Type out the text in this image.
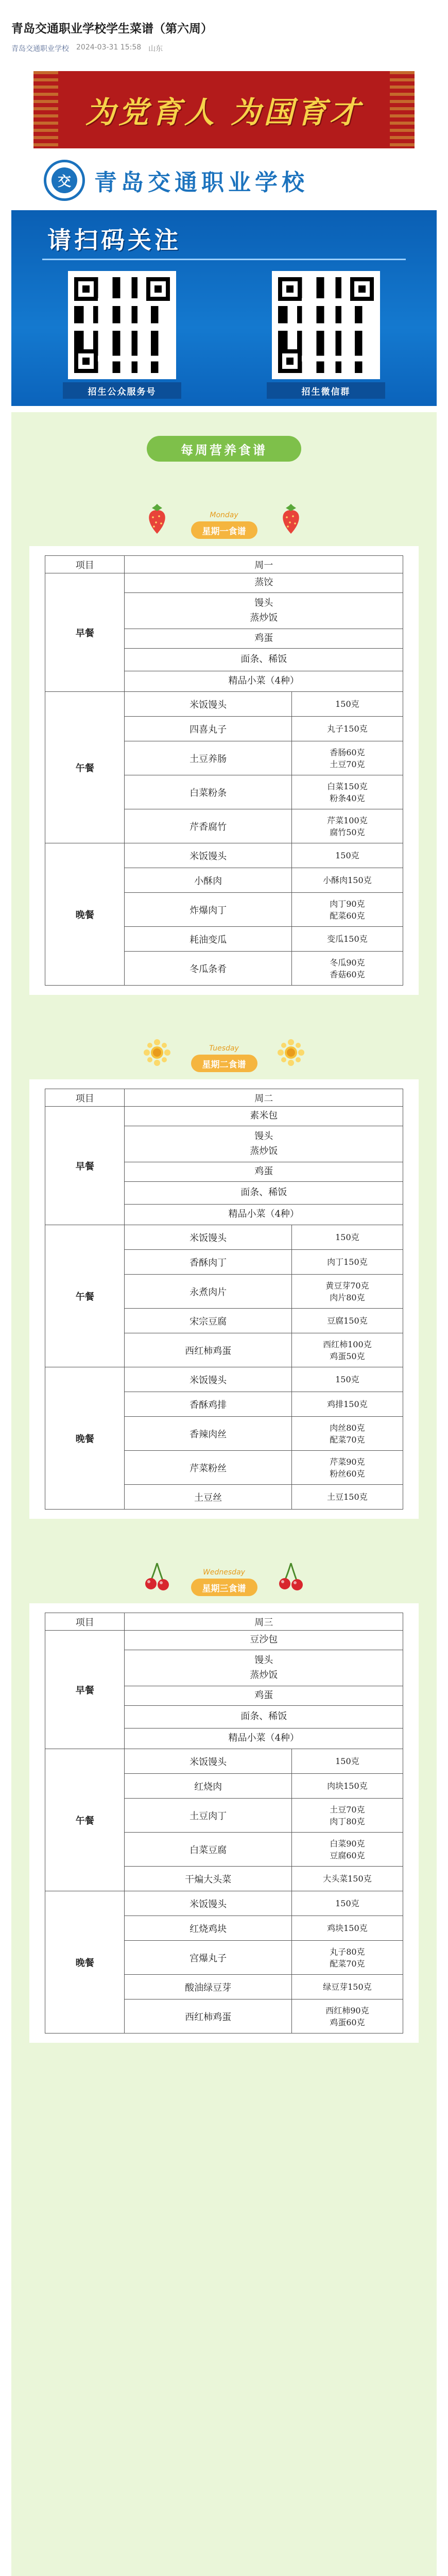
青岛交通职业学校学生菜谱（第六周）
青岛交通职业学校 2024-03-31 15:58 山东
为党育人 为国育才
交 青岛交通职业学校
请扫码关注
招生公众服务号	招生微信群
每周营养食谱
Monday
星期一食谱
项目	周一	
早餐	蒸饺	
	馒头
蒸炒饭	
	鸡蛋	
	面条、稀饭	
	精品小菜（4种）	
午餐	米饭馒头	150克
	四喜丸子	丸子150克
	土豆养肠	香肠60克
土豆70克
	白菜粉条	白菜150克
粉条40克
	芹香腐竹	芹菜100克
腐竹50克
晚餐	米饭馒头	150克
	小酥肉	小酥肉150克
	炸爆肉丁	肉丁90克
配菜60克
	耗油变瓜	变瓜150克
	冬瓜条肴	冬瓜90克
香菇60克
Tuesday
星期二食谱
项目	周二	
早餐	素米包	
	馒头
蒸炒饭	
	鸡蛋	
	面条、稀饭	
	精品小菜（4种）	
午餐	米饭馒头	150克
	香酥肉丁	肉丁150克
	永煮肉片	黄豆芽70克
肉片80克
	宋宗豆腐	豆腐150克
	西红柿鸡蛋	西红柿100克
鸡蛋50克
晚餐	米饭馒头	150克
	香酥鸡排	鸡排150克
	香辣肉丝	肉丝80克
配菜70克
	芹菜粉丝	芹菜90克
粉丝60克
	土豆丝	土豆150克
Wednesday
星期三食谱
项目	周三	
早餐	豆沙包	
	馒头
蒸炒饭	
	鸡蛋	
	面条、稀饭	
	精品小菜（4种）	
午餐	米饭馒头	150克
	红烧肉	肉块150克
	土豆肉丁	土豆70克
肉丁80克
	白菜豆腐	白菜90克
豆腐60克
	干煸大头菜	大头菜150克
晚餐	米饭馒头	150克
	红烧鸡块	鸡块150克
	宫爆丸子	丸子80克
配菜70克
	酸油绿豆芽	绿豆芽150克
	西红柿鸡蛋	西红柿90克
鸡蛋60克
